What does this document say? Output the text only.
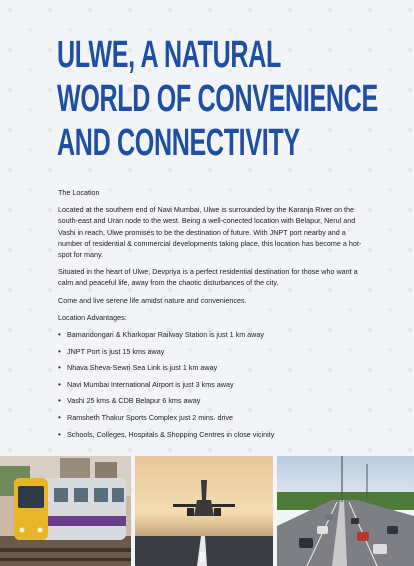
ULWE, A NATURAL
WORLD OF CONVENIENCE
AND CONNECTIVITY

The Location

Located at the southern end of Navi Mumbai, Ulwe is surrounded by the Karanja River on the south-east and Uran node to the west. Being a well-conected location with Belapur, Nerul and Vashi in reach, Ulwe promises to be the destination of future. With JNPT port nearby and a number of residential & commercial developments taking place, this location has become a hot-spot for many.

Situated in the heart of Ulwe, Devpriya is a perfect residential destination for those who want a calm and peaceful life, away from the chaotic disturbances of the city.

Come and live serene life amidst nature and conveniences.

Location Advantages:

• Bamandongari & Kharkopar Railway Station is just 1 km away
• JNPT Port is just 15 kms away
• Nhava Sheva-Sewri Sea Link is just 1 km away
• Navi Mumbai International Airport is just 3 kms away
• Vashi 25 kms & CDB Belapur 6 kms away
• Ramsheth Thakur Sports Complex just 2 mins. drive
• Schools, Colleges, Hospitals & Shopping Centres in close vicinity
